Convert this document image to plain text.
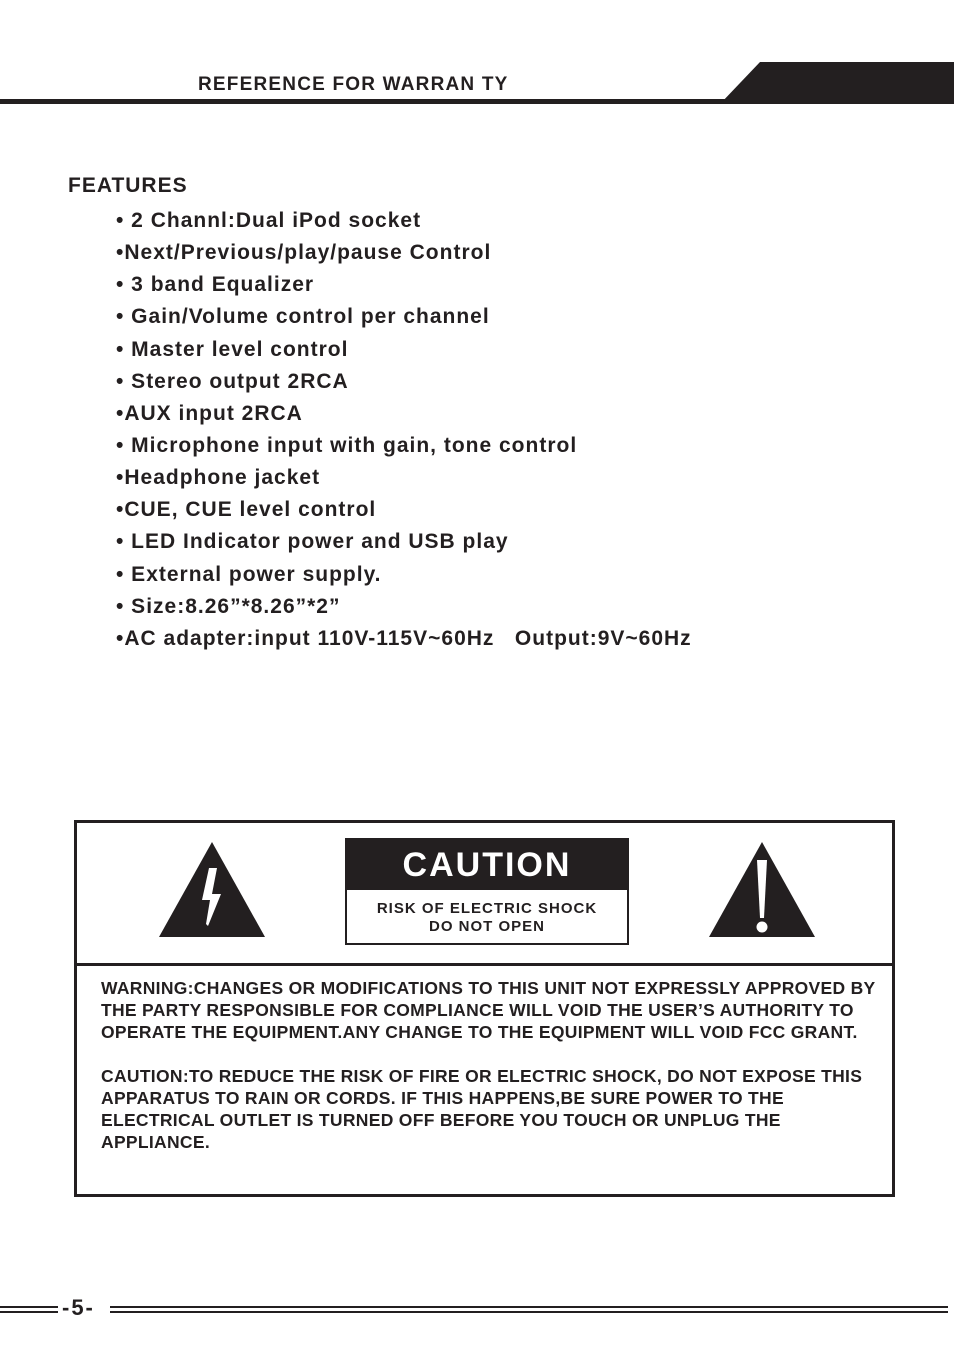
REFERENCE FOR WARRAN TY
FEATURES
• 2 Channl:Dual iPod socket
•Next/Previous/play/pause Control
• 3 band Equalizer
• Gain/Volume control per channel
• Master level control
• Stereo output 2RCA
•AUX input 2RCA
• Microphone input with gain, tone control
•Headphone jacket
•CUE, CUE level control
• LED Indicator power and USB play
• External power supply.
• Size:8.26”*8.26”*2”
•AC adapter:input 110V-115V~60Hz   Output:9V~60Hz
CAUTION
RISK OF ELECTRIC SHOCK
DO NOT OPEN

WARNING:CHANGES OR MODIFICATIONS TO THIS UNIT NOT EXPRESSLY APPROVED BY THE PARTY RESPONSIBLE FOR COMPLIANCE WILL VOID THE USER’S AUTHORITY TO OPERATE THE EQUIPMENT.ANY CHANGE TO THE EQUIPMENT WILL VOID FCC GRANT.

CAUTION:TO REDUCE THE RISK OF FIRE OR ELECTRIC SHOCK, DO NOT EXPOSE THIS APPARATUS TO RAIN OR CORDS. IF THIS HAPPENS,BE SURE POWER TO THE ELECTRICAL OUTLET IS TURNED OFF BEFORE YOU TOUCH OR UNPLUG THE APPLIANCE.

-5-
